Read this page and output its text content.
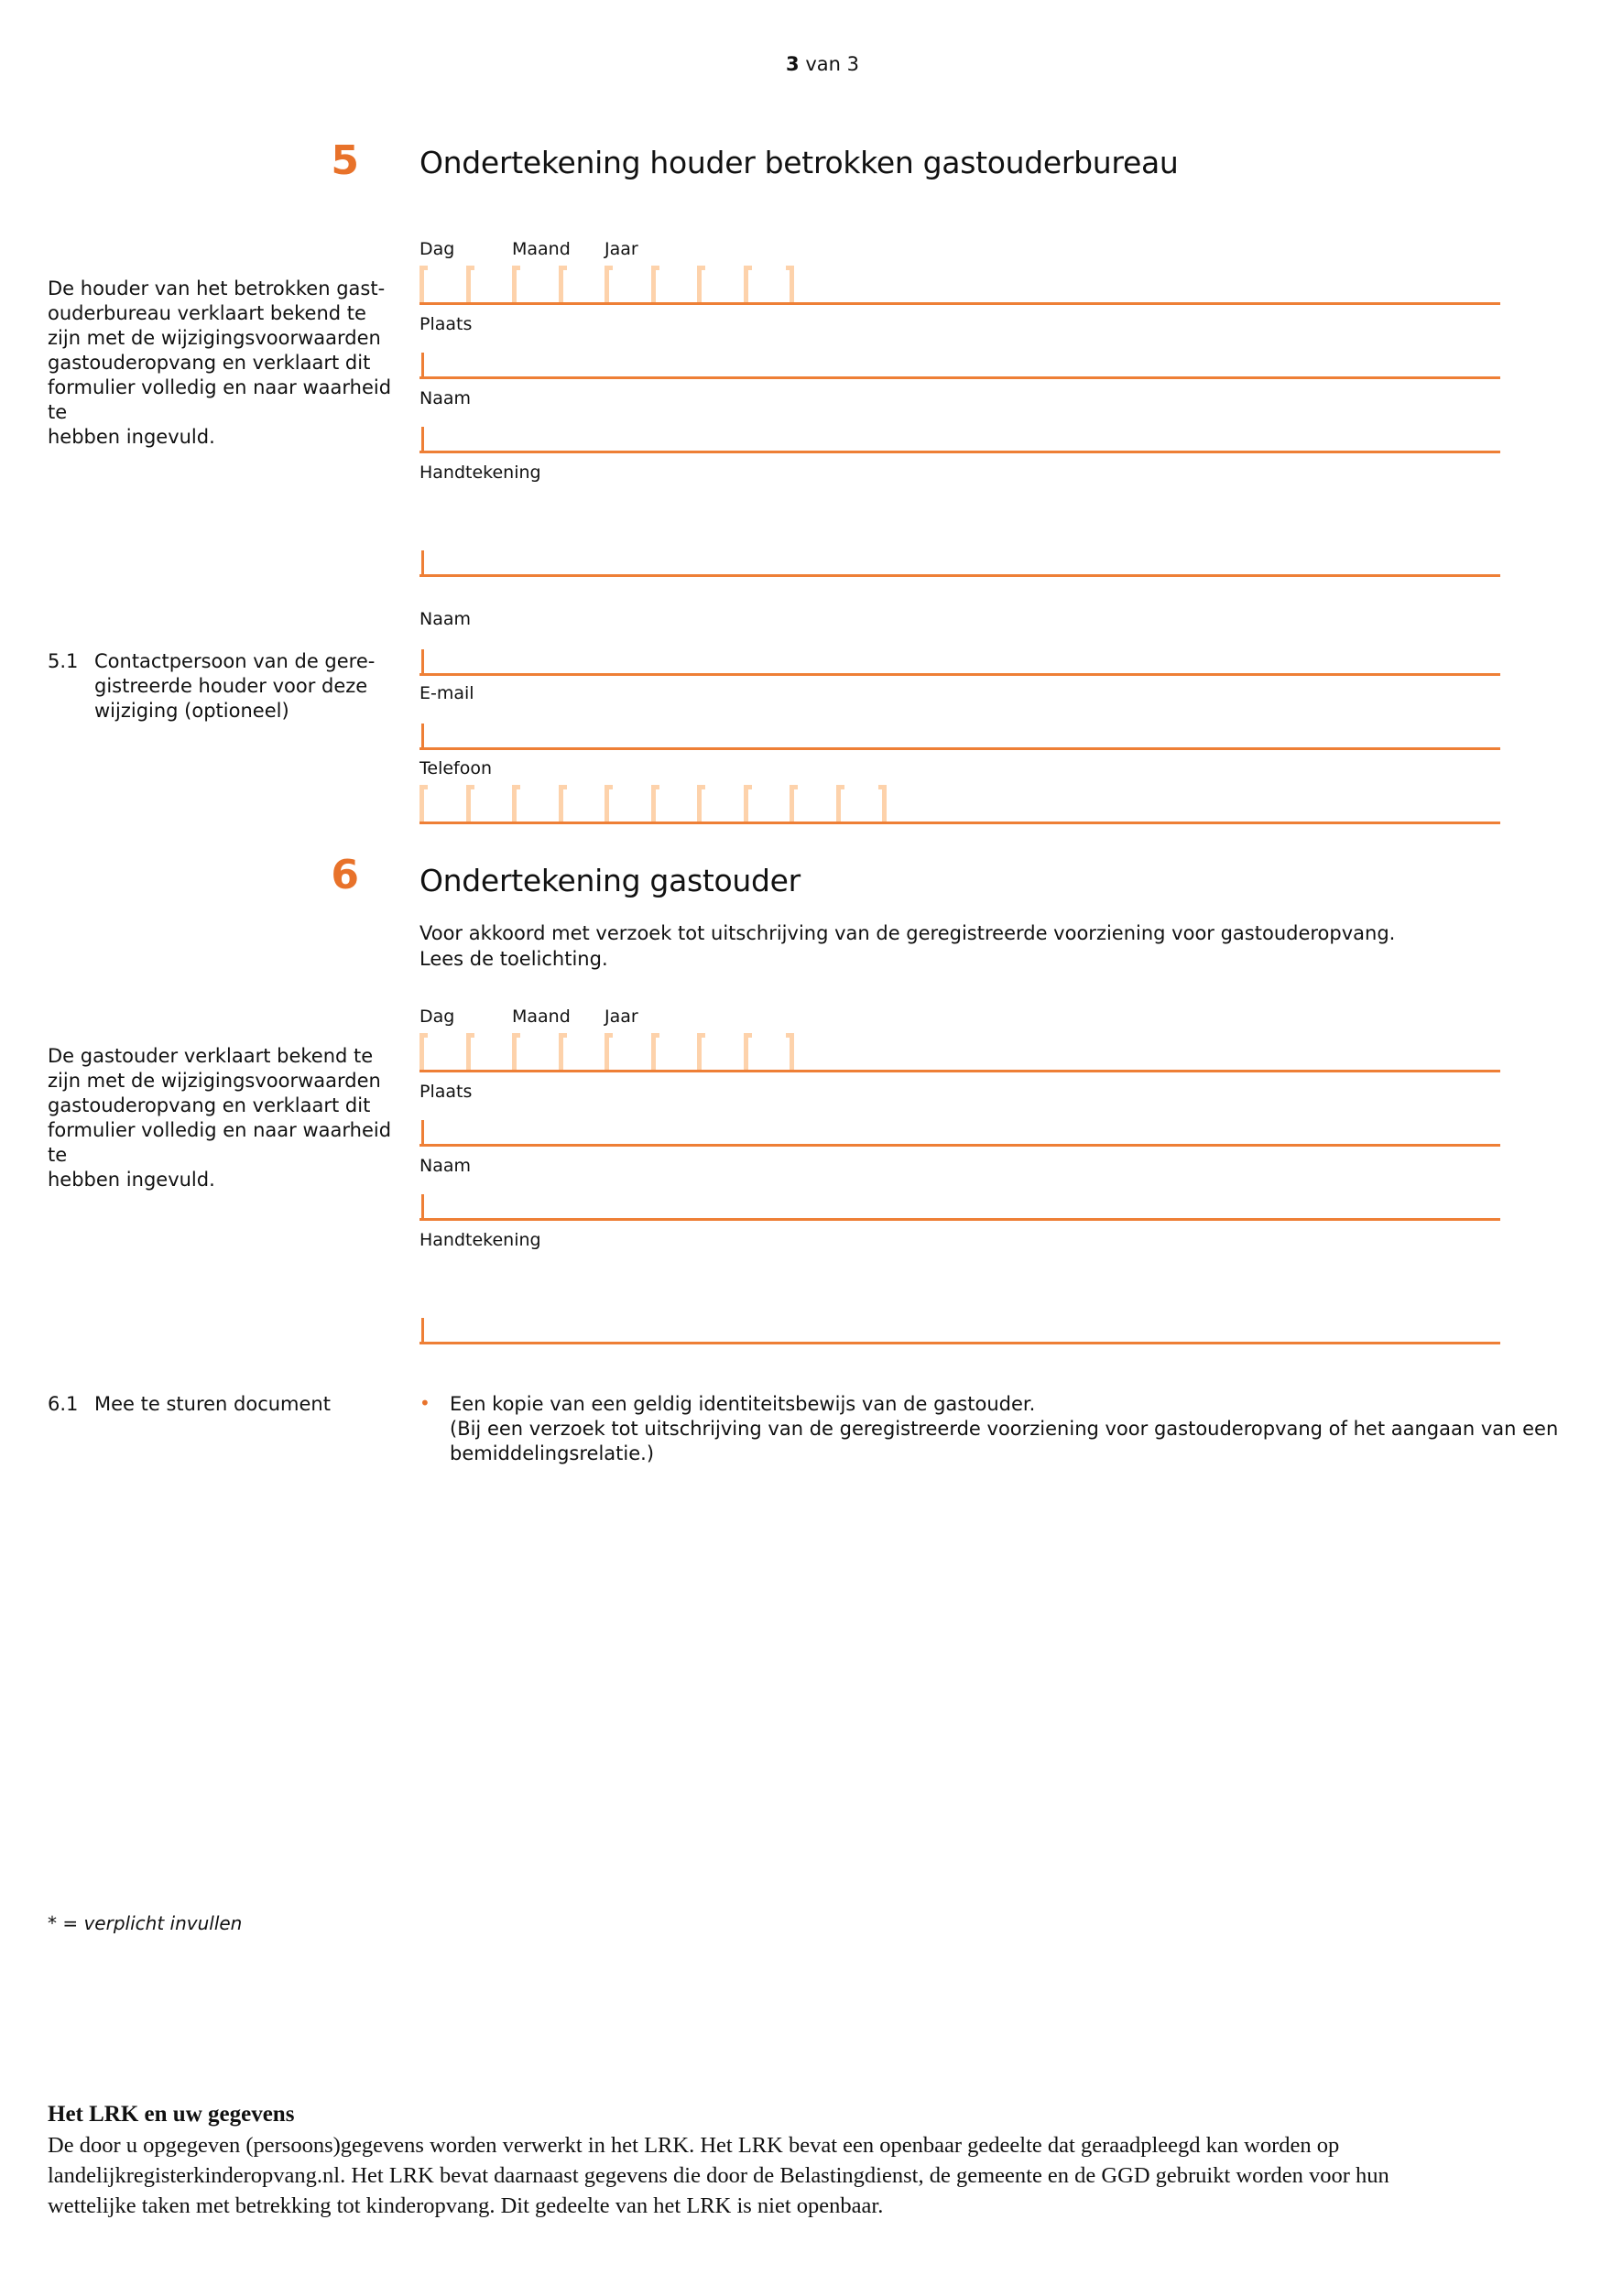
3 van 3
5 Ondertekening houder betrokken gastouderbureau
De houder van het betrokken gast-
ouderbureau verklaart bekend te
zijn met de wijzigingsvoorwaarden
gastouderopvang en verklaart dit
formulier volledig en naar waarheid te
hebben ingevuld.
Dag	Maand Jaar
Plaats
Naam
Handtekening
5.1 Contactpersoon van de gere-
gistreerde houder voor deze
wijziging (optioneel)
Naam
E-mail
Telefoon
6 Ondertekening gastouder
Voor akkoord met verzoek tot uitschrijving van de geregistreerde voorziening voor gastouderopvang.
Lees de toelichting.
De gastouder verklaart bekend te
zijn met de wijzigingsvoorwaarden
gastouderopvang en verklaart dit
formulier volledig en naar waarheid te
hebben ingevuld.
Dag	Maand Jaar
Plaats
Naam
Handtekening
6.1 Mee te sturen document	• Een kopie van een geldig identiteitsbewijs van de gastouder.
(Bij een verzoek tot uitschrijving van de geregistreerde voorziening voor gastouderopvang of het aangaan van een
bemiddelingsrelatie.)
* = verplicht invullen
Het LRK en uw gegevens
De door u opgegeven (persoons)gegevens worden verwerkt in het LRK. Het LRK bevat een openbaar gedeelte dat geraadpleegd kan worden op
landelijkregisterkinderopvang.nl. Het LRK bevat daarnaast gegevens die door de Belastingdienst, de gemeente en de GGD gebruikt worden voor hun
wettelijke taken met betrekking tot kinderopvang. Dit gedeelte van het LRK is niet openbaar.
